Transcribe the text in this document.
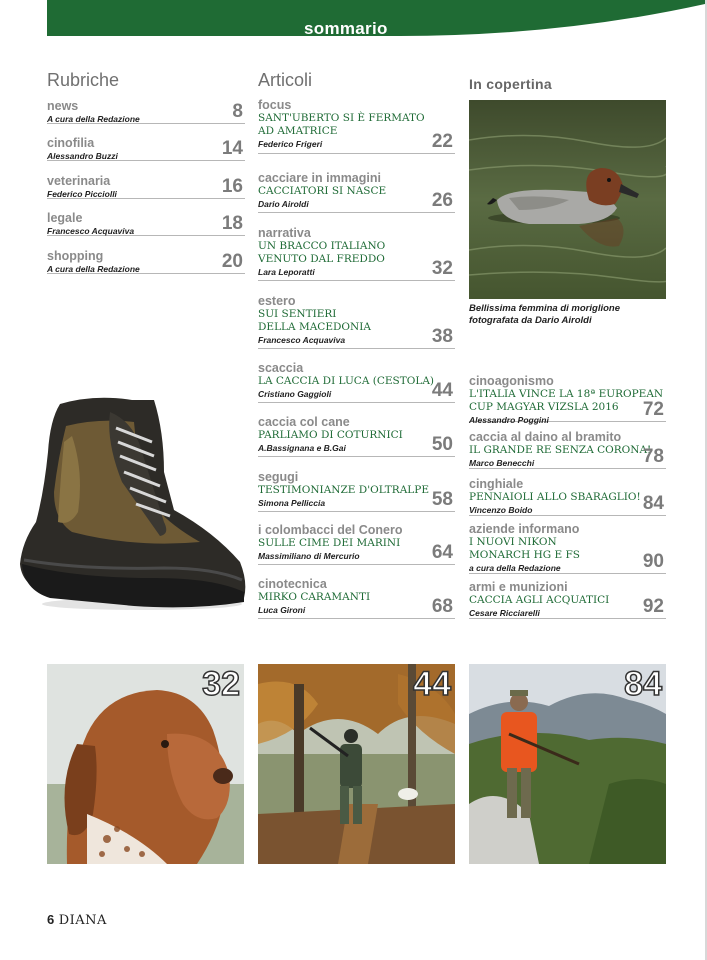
sommario
Rubriche	Articoli	In copertina
news
A cura della Redazione	8
cinofilia
Alessandro Buzzi	14
veterinaria
Federico Picciolli	16
legale
Francesco Acquaviva	18
shopping
A cura della Redazione	20
focus
SANT'UBERTO SI È FERMATO
AD AMATRICE
Federico Frigeri	22
cacciare in immagini
CACCIATORI SI NASCE
Dario Airoldi	26
narrativa
UN BRACCO ITALIANO
VENUTO DAL FREDDO
Lara Leporatti	32
estero
SUI SENTIERI
DELLA MACEDONIA
Francesco Acquaviva	38
scaccia
LA CACCIA DI LUCA (CESTOLA)
Cristiano Gaggioli	44
caccia col cane
PARLIAMO DI COTURNICI
A.Bassignana e B.Gai	50
segugi
TESTIMONIANZE D'OLTRALPE
Simona Pelliccia	58
i colombacci del Conero
SULLE CIME DEI MARINI
Massimiliano di Mercurio	64
cinotecnica
MIRKO CARAMANTI
Luca Gironi	68
Bellissima femmina di moriglione
fotografata da Dario Airoldi
cinoagonismo
L'ITALIA VINCE LA 18ª EUROPEAN
CUP MAGYAR VIZSLA 2016
Alessandro Poggini	72
caccia al daino al bramito
IL GRANDE RE SENZA CORONA!
Marco Benecchi	78
cinghiale
PENNAIOLI ALLO SBARAGLIO!
Vincenzo Boido	84
aziende informano
I NUOVI NIKON
MONARCH HG E FS
a cura della Redazione	90
armi e munizioni
CACCIA AGLI ACQUATICI
Cesare Ricciarelli	92
32	44	84
6 DIANA
